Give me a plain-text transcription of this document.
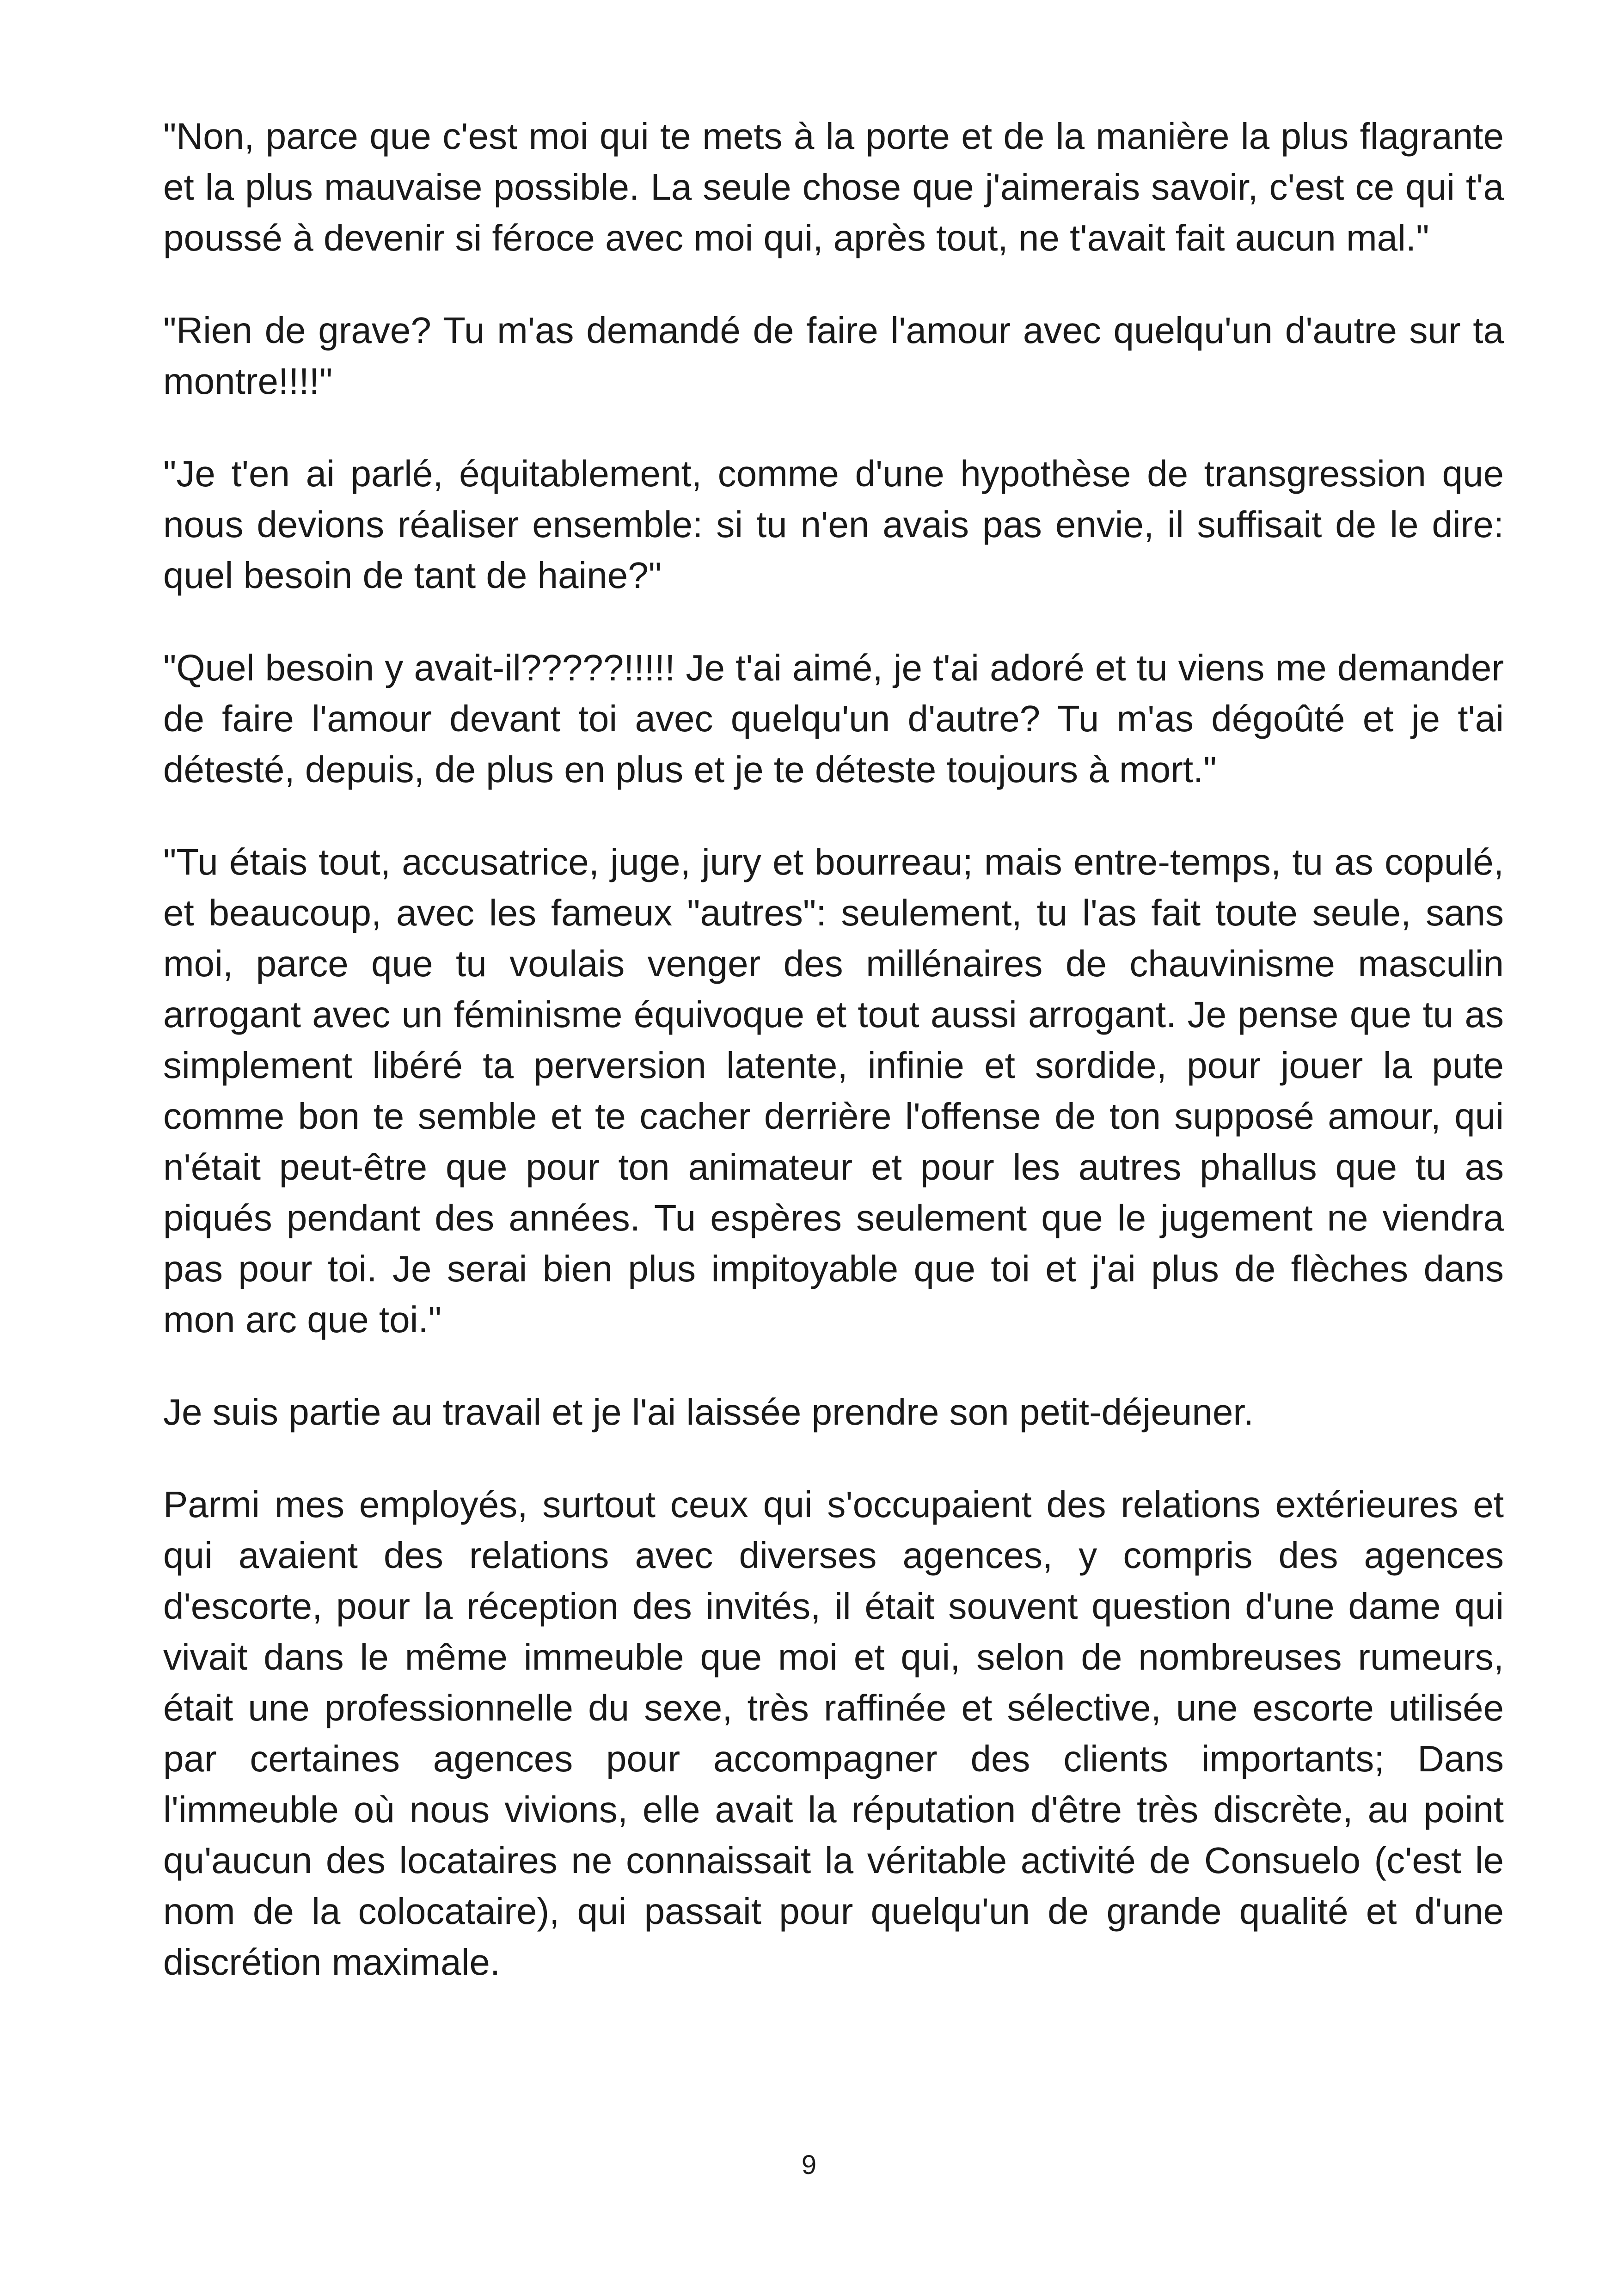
"Non, parce que c'est moi qui te mets à la porte et de la manière la plus flagrante et la plus mauvaise possible. La seule chose que j'aimerais savoir, c'est ce qui t'a poussé à devenir si féroce avec moi qui, après tout, ne t'avait fait aucun mal."

"Rien de grave? Tu m'as demandé de faire l'amour avec quelqu'un d'autre sur ta montre!!!!"

"Je t'en ai parlé, équitablement, comme d'une hypothèse de transgression que nous devions réaliser ensemble: si tu n'en avais pas envie, il suffisait de le dire: quel besoin de tant de haine?"

"Quel besoin y avait-il?????!!!!! Je t'ai aimé, je t'ai adoré et tu viens me demander de faire l'amour devant toi avec quelqu'un d'autre? Tu m'as dégoûté et je t'ai détesté, depuis, de plus en plus et je te déteste toujours à mort."

"Tu étais tout, accusatrice, juge, jury et bourreau; mais entre-temps, tu as copulé, et beaucoup, avec les fameux "autres": seulement, tu l'as fait toute seule, sans moi, parce que tu voulais venger des millénaires de chauvinisme masculin arrogant avec un féminisme équivoque et tout aussi arrogant. Je pense que tu as simplement libéré ta perversion latente, infinie et sordide, pour jouer la pute comme bon te semble et te cacher derrière l'offense de ton supposé amour, qui n'était peut-être que pour ton animateur et pour les autres phallus que tu as piqués pendant des années. Tu espères seulement que le jugement ne viendra pas pour toi. Je serai bien plus impitoyable que toi et j'ai plus de flèches dans mon arc que toi."

Je suis partie au travail et je l'ai laissée prendre son petit-déjeuner.

Parmi mes employés, surtout ceux qui s'occupaient des relations extérieures et qui avaient des relations avec diverses agences, y compris des agences d'escorte, pour la réception des invités, il était souvent question d'une dame qui vivait dans le même immeuble que moi et qui, selon de nombreuses rumeurs, était une professionnelle du sexe, très raffinée et sélective, une escorte utilisée par certaines agences pour accompagner des clients importants; Dans l'immeuble où nous vivions, elle avait la réputation d'être très discrète, au point qu'aucun des locataires ne connaissait la véritable activité de Consuelo (c'est le nom de la colocataire), qui passait pour quelqu'un de grande qualité et d'une discrétion maximale.

9
